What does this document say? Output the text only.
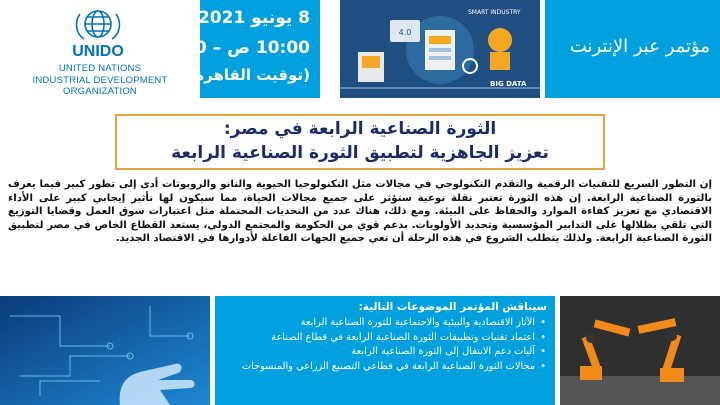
UNIDO
UNITED NATIONS
INDUSTRIAL DEVELOPMENT ORGANIZATION
8 يونيو 2021
10:00 ص – 4:30 م
(توقيت القاهرة)
4.0
SMART INDUSTRY
BIG DATA
مؤتمر عبر الإنترنت
الثورة الصناعية الرابعة في مصر:
تعزيز الجاهزية لتطبيق الثورة الصناعية الرابعة
إن التطور السريع للتقنيات الرقمية والتقدم التكنولوجي في مجالات مثل التكنولوجيا الحيوية والنانو والروبوتات أدى إلى تطور كبير فيما يعرف بالثورة الصناعية الرابعة. إن هذه الثورة تعتبر نقلة نوعية ستؤثر على جميع مجالات الحياة، مما سيكون لها تأثير إيجابي كبير على الأداء الاقتصادي مع تعزيز كفاءة الموارد والحفاظ على البيئة. ومع ذلك، هناك عدد من التحديات المحتملة مثل اعتبارات سوق العمل وقضايا التوزيع التي تلقي بظلالها على التدابير المؤسسية وتحديد الأولويات. بدعم قوي من الحكومة والمجتمع الدولي، يستعد القطاع الخاص في مصر لتطبيق الثورة الصناعية الرابعة. ولذلك يتطلب الشروع في هذه الرحلة أن تعي جميع الجهات الفاعلة لأدوارها في الاقتصاد الجديد.
سيناقش المؤتمر الموضوعات التالية:
• الآثار الاقتصادية والبيئية والاجتماعية للثورة الصناعية الرابعة
• اعتماد تقنيات وتطبيقات الثورة الصناعية الرابعة في قطاع الصناعة
• آليات دعم الانتقال إلى الثورة الصناعية الرابعة
• مجالات الثورة الصناعية الرابعة في قطاعي التصنيع الزراعي والمنسوجات
